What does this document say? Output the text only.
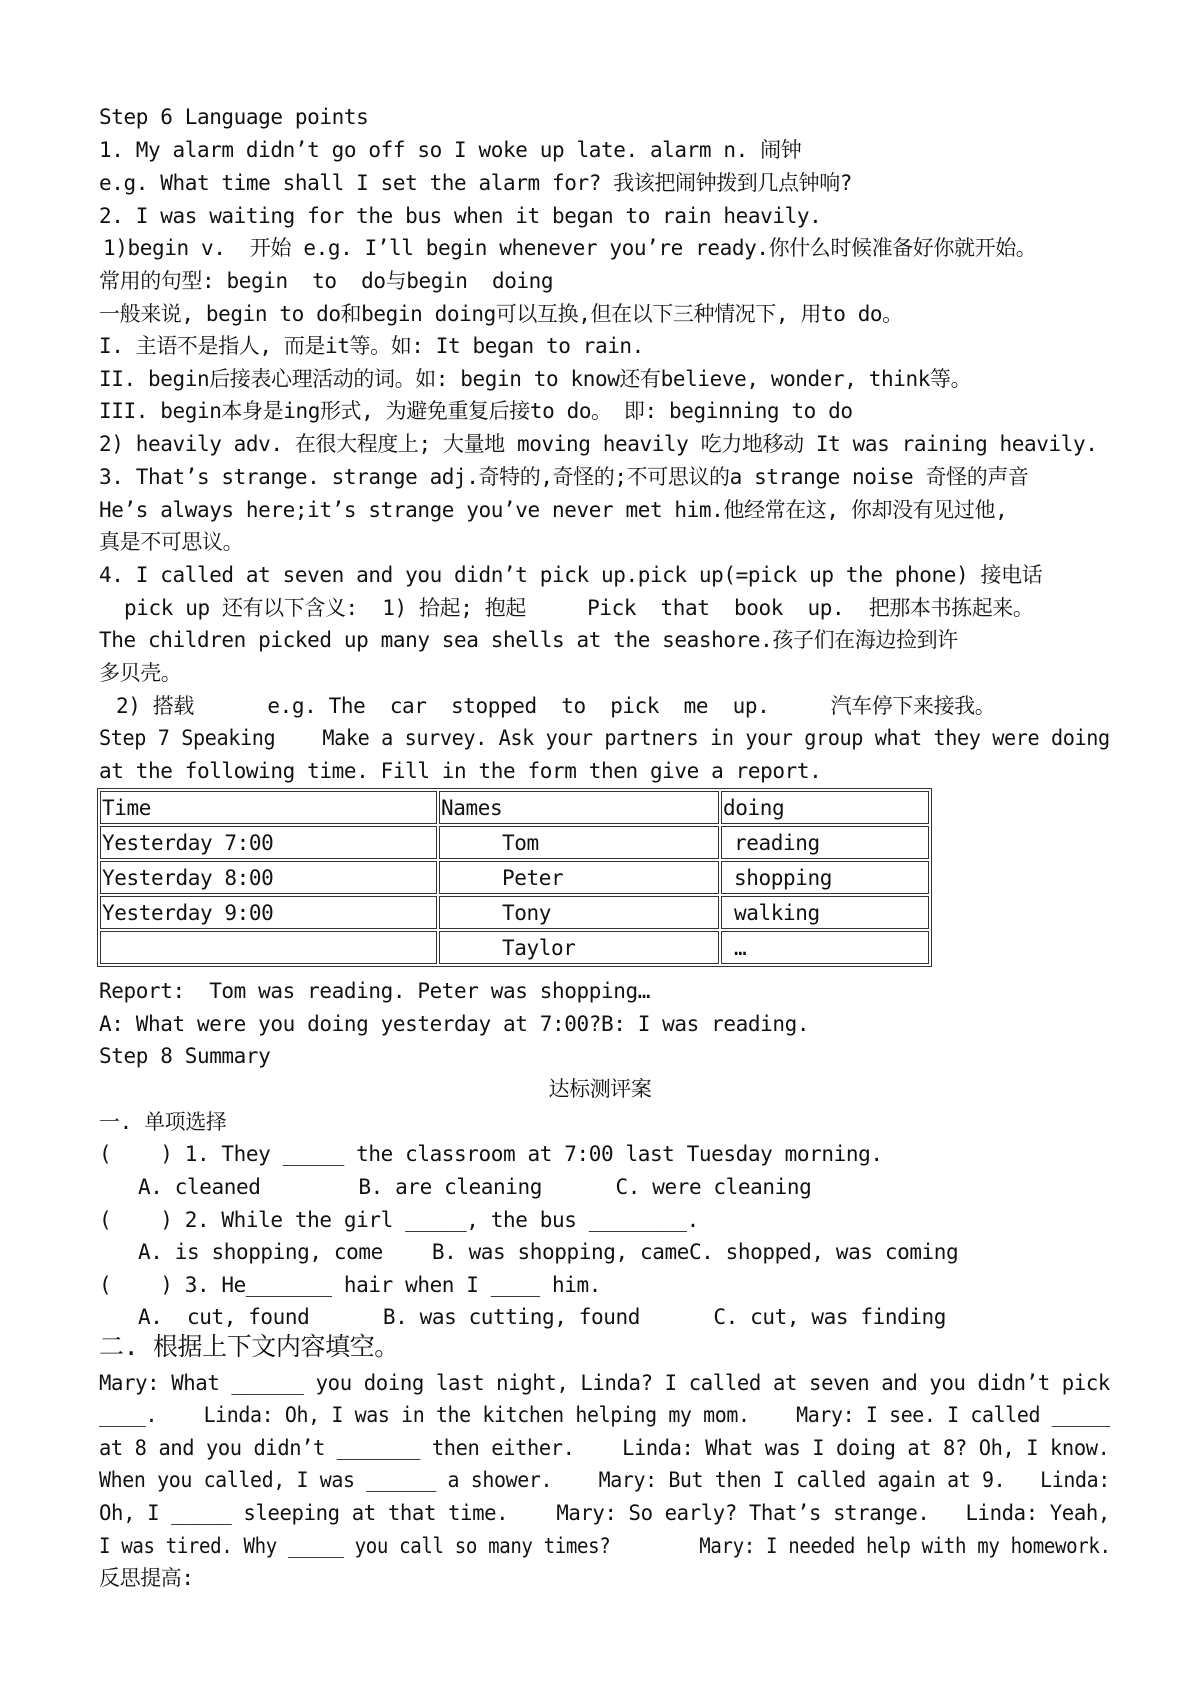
Step 6 Language points
1. My alarm didn’t go off so I woke up late. alarm n. 闹钟
e.g. What time shall I set the alarm for? 我该把闹钟拨到几点钟响?
2. I was waiting for the bus when it began to rain heavily.
1)begin v.  开始 e.g. I’ll begin whenever you’re ready.你什么时候准备好你就开始。
常用的句型: begin  to  do与begin  doing
一般来说, begin to do和begin doing可以互换,但在以下三种情况下, 用to do。
I. 主语不是指人, 而是it等。如: It began to rain.
II. begin后接表心理活动的词。如: begin to know还有believe, wonder, think等。
III. begin本身是ing形式, 为避免重复后接to do。 即: beginning to do
2) heavily adv. 在很大程度上; 大量地 moving heavily 吃力地移动 It was raining heavily.
3. That’s strange. strange adj.奇特的,奇怪的;不可思议的a strange noise 奇怪的声音
He’s always here;it’s strange you’ve never met him.他经常在这, 你却没有见过他,
真是不可思议。
4. I called at seven and you didn’t pick up.pick up(=pick up the phone) 接电话
pick up 还有以下含义:  1) 拾起; 抱起     Pick  that  book  up.  把那本书拣起来。
The children picked up many sea shells at the seashore.孩子们在海边捡到许
多贝壳。
2) 搭载      e.g. The  car  stopped  to  pick  me  up.     汽车停下来接我。
Step 7 Speaking    Make a survey. Ask your partners in your group what they were doing
at the following time. Fill in the form then give a report.
Time	Names	doing
Yesterday 7:00	Tom	reading
Yesterday 8:00	Peter	shopping
Yesterday 9:00	Tony	walking
	Taylor	…
Report:  Tom was reading. Peter was shopping…
A: What were you doing yesterday at 7:00?B: I was reading.
Step 8 Summary
达标测评案
一. 单项选择
(    ) 1. They _____ the classroom at 7:00 last Tuesday morning.
A. cleaned        B. are cleaning      C. were cleaning
(    ) 2. While the girl _____, the bus ________.
A. is shopping, come    B. was shopping, cameC. shopped, was coming
(    ) 3. He_______ hair when I ____ him.
A.  cut, found      B. was cutting, found      C. cut, was finding
二. 根据上下文内容填空。
Mary: What ______ you doing last night, Linda? I called at seven and you didn’t pick
____.    Linda: Oh, I was in the kitchen helping my mom.    Mary: I see. I called _____
at 8 and you didn’t _______ then either.    Linda: What was I doing at 8? Oh, I know.
When you called, I was ______ a shower.    Mary: But then I called again at 9.   Linda:
Oh, I _____ sleeping at that time.    Mary: So early? That’s strange.   Linda: Yeah,
I was tired. Why _____ you call so many times?        Mary: I needed help with my homework.
反思提高:
